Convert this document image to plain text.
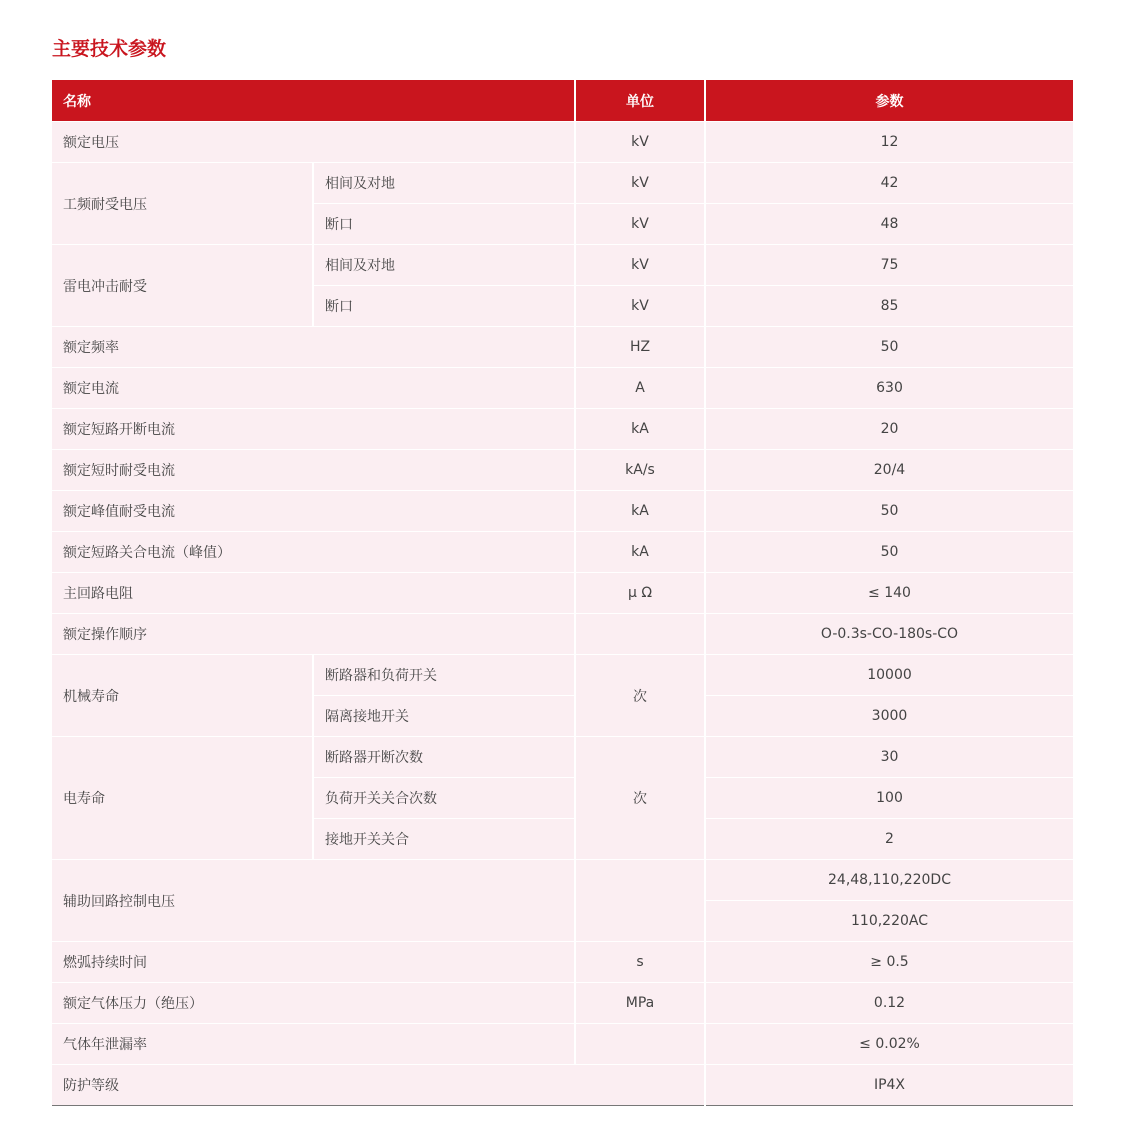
主要技术参数
名称		单位	参数
额定电压		kV	12
工频耐受电压	相间及对地	kV	42
	断口	kV	48
雷电冲击耐受	相间及对地	kV	75
	断口	kV	85
额定频率		HZ	50
额定电流		A	630
额定短路开断电流		kA	20
额定短时耐受电流		kA/s	20/4
额定峰值耐受电流		kA	50
额定短路关合电流（峰值）		kA	50
主回路电阻		μ Ω	≤ 140
额定操作顺序			O-0.3s-CO-180s-CO
机械寿命	断路器和负荷开关	次	10000
	隔离接地开关		3000
电寿命	断路器开断次数	次	30
	负荷开关关合次数		100
	接地开关关合		2
辅助回路控制电压			24,48,110,220DC
			110,220AC
燃弧持续时间		s	≥ 0.5
额定气体压力（绝压）		MPa	0.12
气体年泄漏率			≤ 0.02%
防护等级			IP4X
